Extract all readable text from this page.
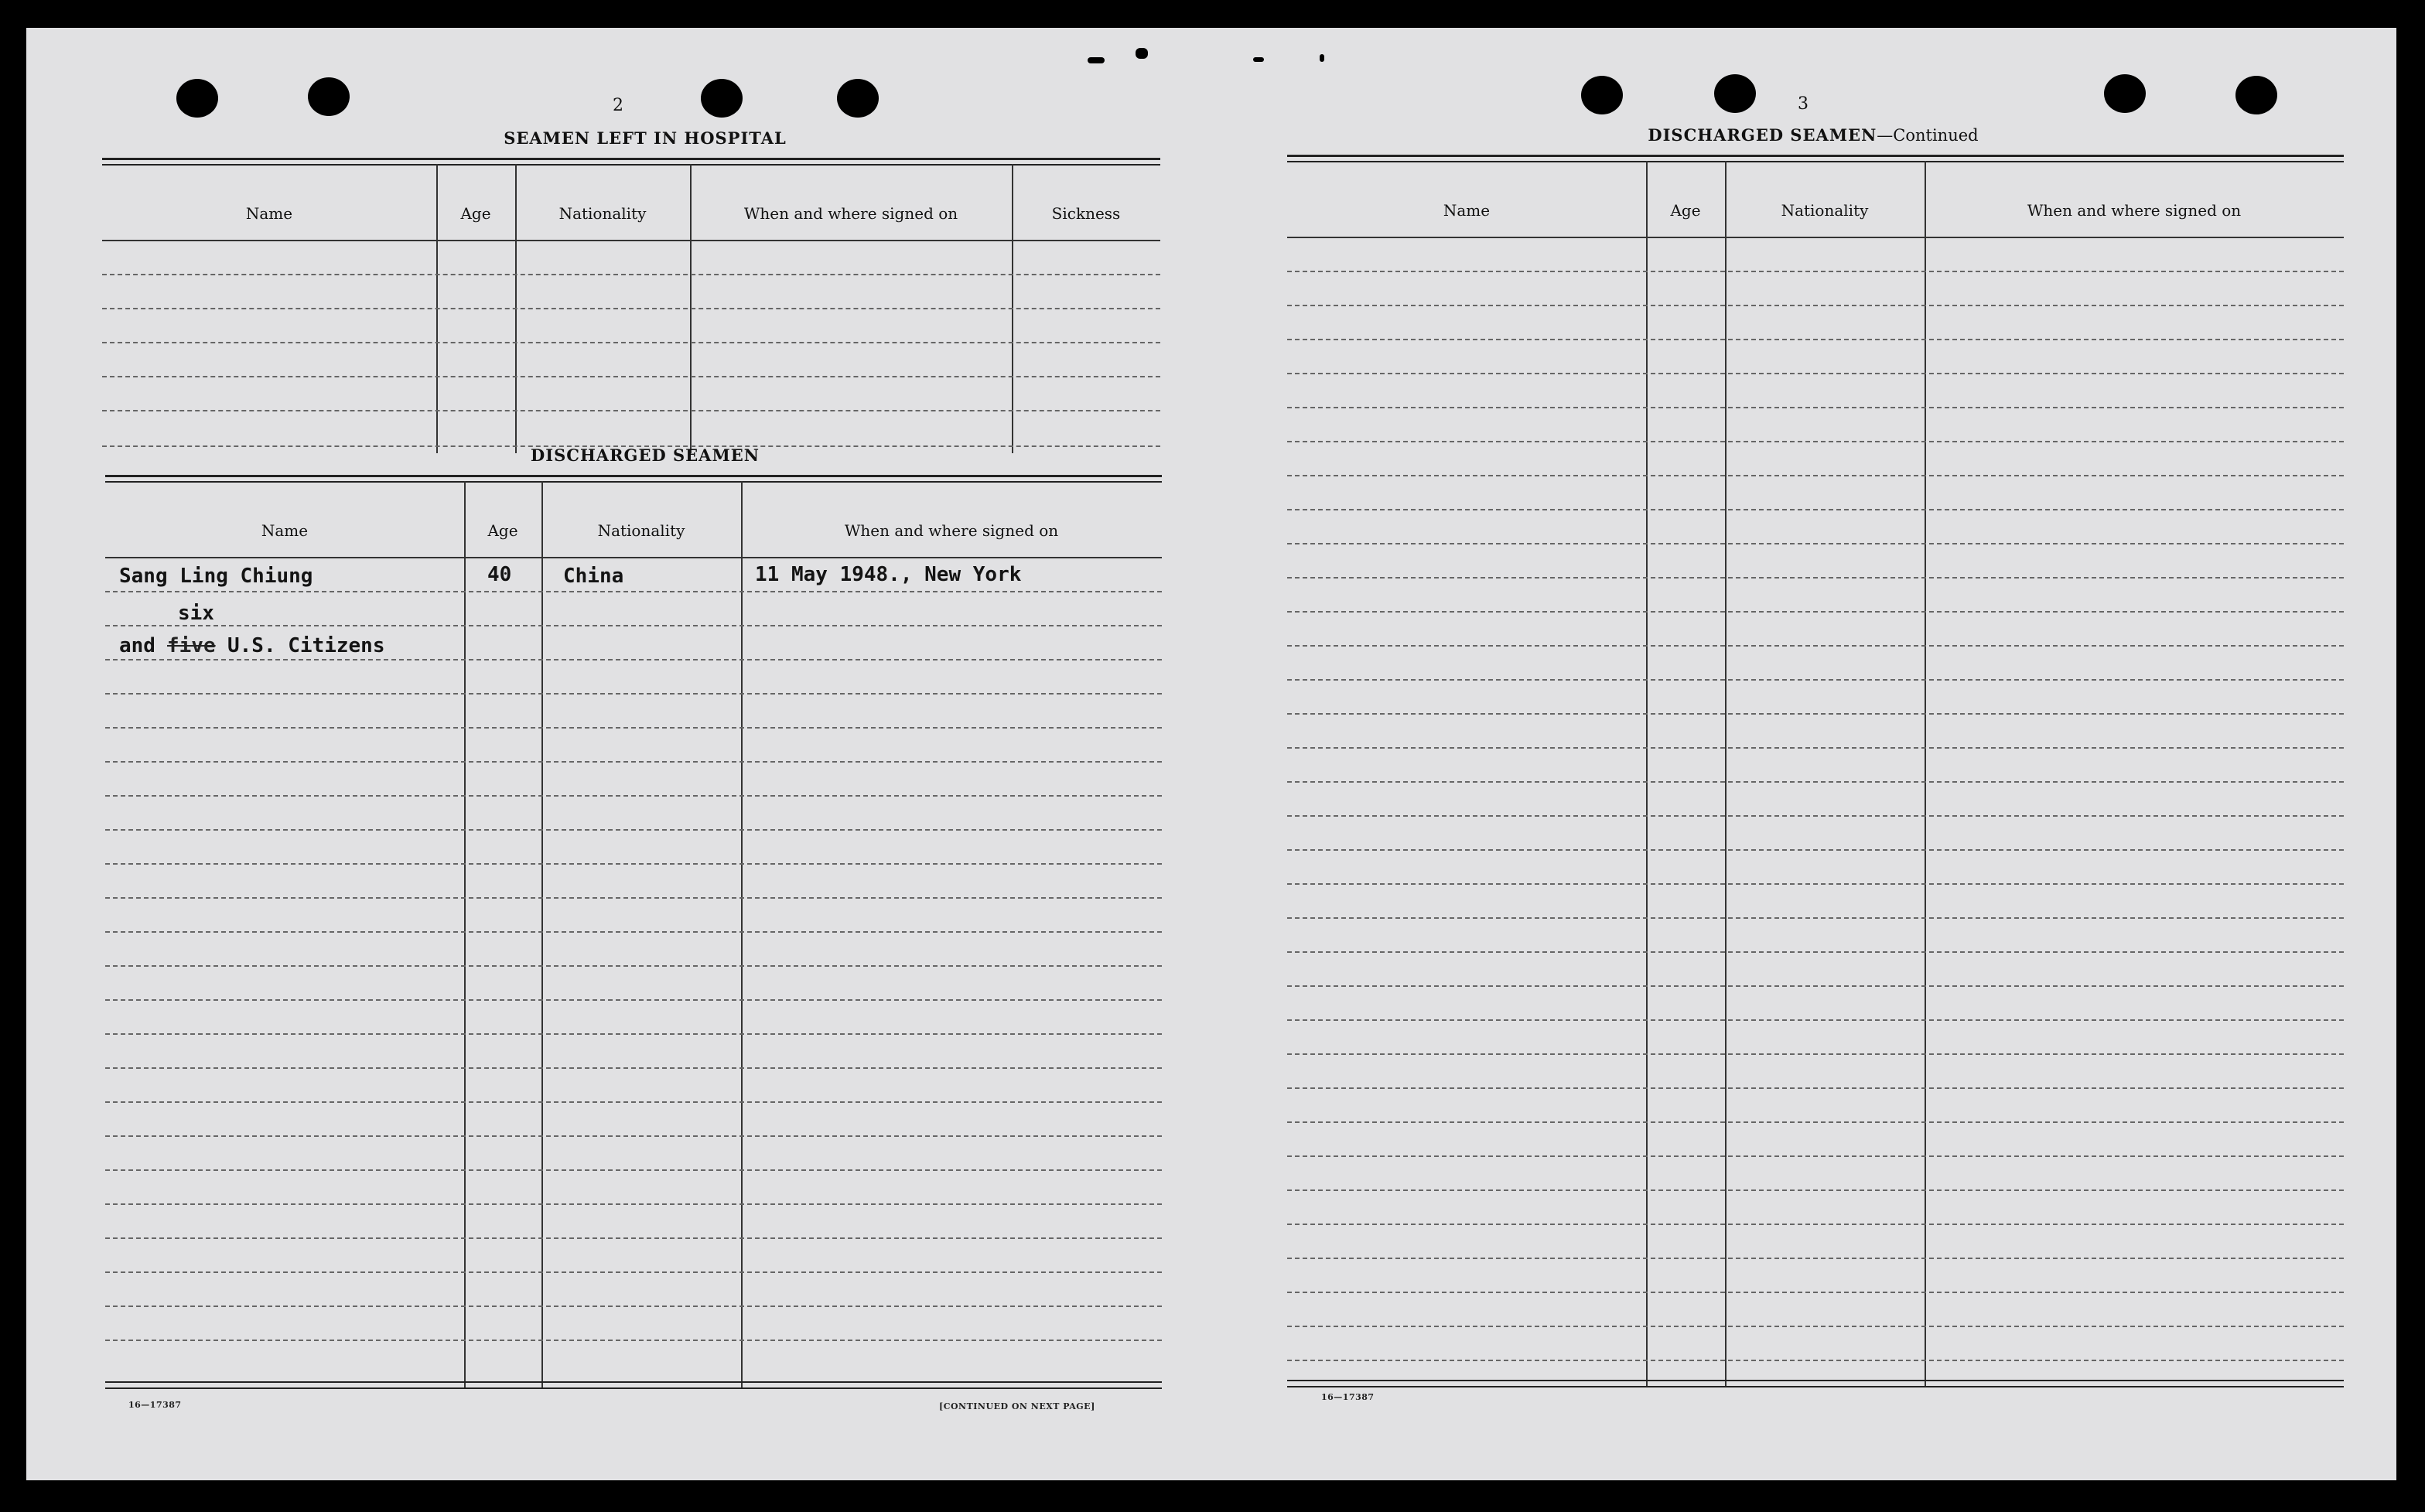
2
SEAMEN LEFT IN HOSPITAL
Name	Age	Nationality	When and where signed on	Sickness
DISCHARGED SEAMEN
Name	Age	Nationality	When and where signed on
Sang Ling Chiung	40	China	11 May 1948., New York
six
and five U.S. Citizens
16—17387	[CONTINUED ON NEXT PAGE]
3
DISCHARGED SEAMEN—Continued
Name	Age	Nationality	When and where signed on
16—17387
